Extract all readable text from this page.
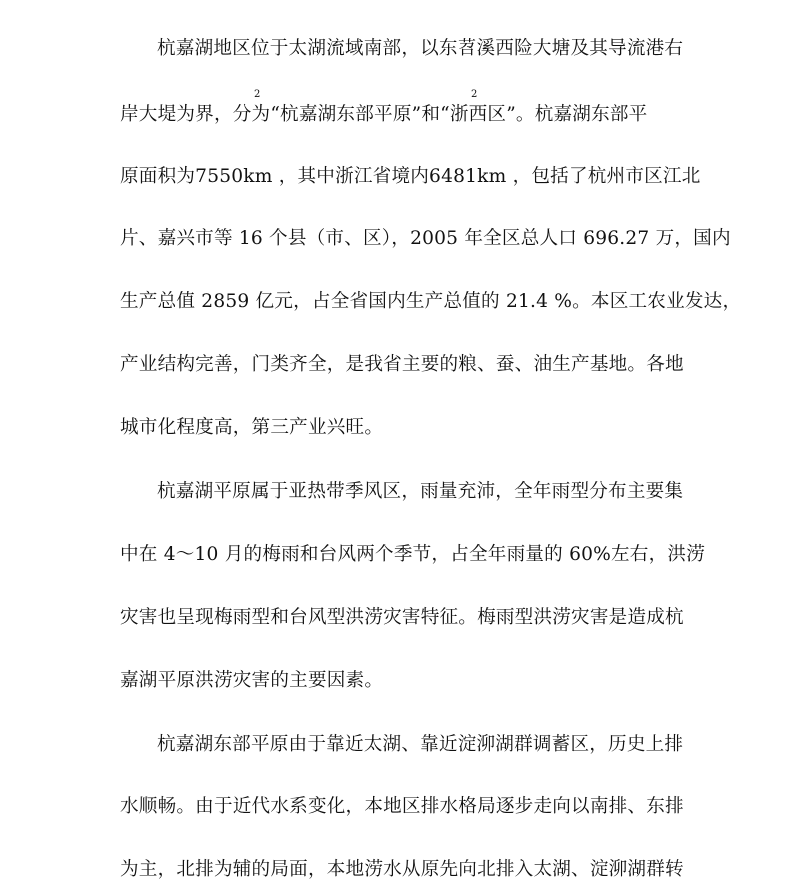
杭嘉湖地区位于太湖流域南部，以东苕溪西险大塘及其导流港右
2	2
岸大堤为界，分为“杭嘉湖东部平原”和“浙西区”。杭嘉湖东部平
原面积为7550km ，其中浙江省境内6481km ，包括了杭州市区江北
片、嘉兴市等 16 个县（市、区），2005 年全区总人口 696.27 万，国内
生产总值 2859 亿元，占全省国内生产总值的 21.4 %。本区工农业发达，
产业结构完善，门类齐全，是我省主要的粮、蚕、油生产基地。各地
城市化程度高，第三产业兴旺。
杭嘉湖平原属于亚热带季风区，雨量充沛，全年雨型分布主要集
中在 4～10 月的梅雨和台风两个季节，占全年雨量的 60%左右，洪涝
灾害也呈现梅雨型和台风型洪涝灾害特征。梅雨型洪涝灾害是造成杭
嘉湖平原洪涝灾害的主要因素。
杭嘉湖东部平原由于靠近太湖、靠近淀泖湖群调蓄区，历史上排
水顺畅。由于近代水系变化，本地区排水格局逐步走向以南排、东排
为主，北排为辅的局面，本地涝水从原先向北排入太湖、淀泖湖群转
